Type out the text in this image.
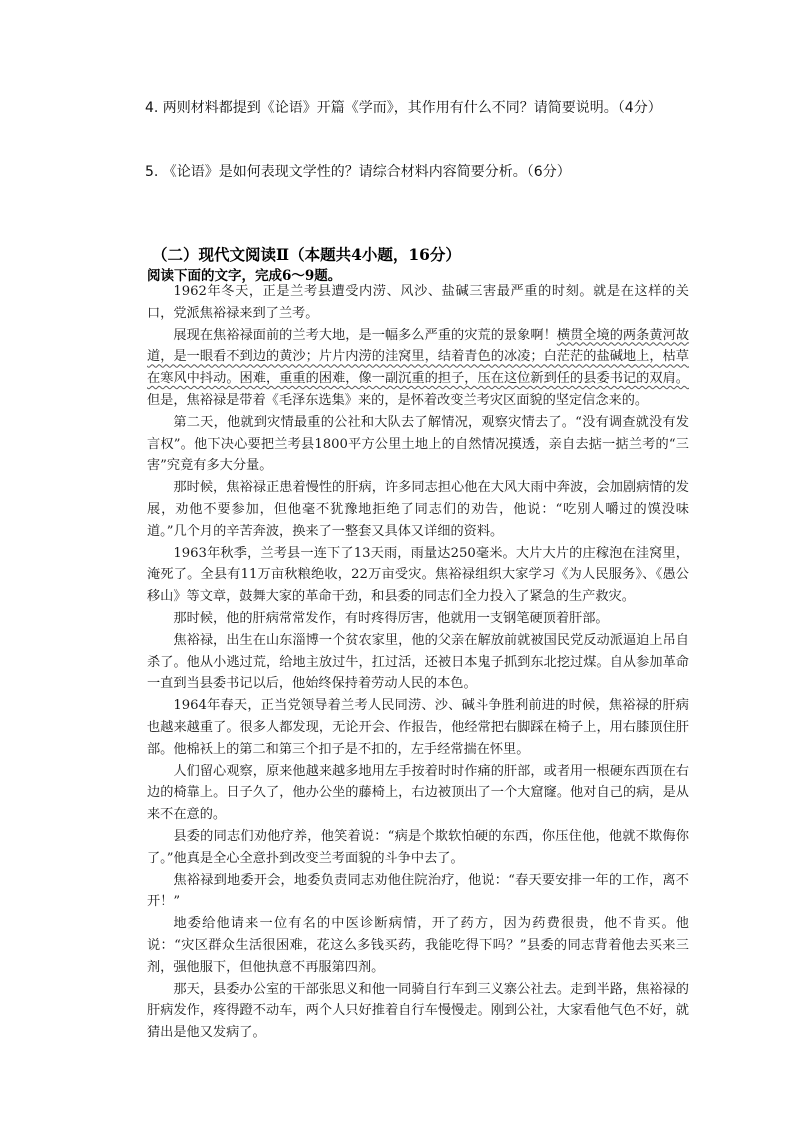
4. 两则材料都提到《论语》开篇《学而》，其作用有什么不同？请简要说明。（4分）
5. 《论语》是如何表现文学性的？请综合材料内容简要分析。（6分）
（二）现代文阅读Ⅱ（本题共4小题，16分）
阅读下面的文字，完成6～9题。

1962年冬天，正是兰考县遭受内涝、风沙、盐碱三害最严重的时刻。就是在这样的关口，党派焦裕禄来到了兰考。

展现在焦裕禄面前的兰考大地，是一幅多么严重的灾荒的景象啊！横贯全境的两条黄河故道，是一眼看不到边的黄沙；片片内涝的洼窝里，结着青色的冰凌；白茫茫的盐碱地上，枯草在寒风中抖动。困难，重重的困难，像一副沉重的担子，压在这位新到任的县委书记的双肩。但是，焦裕禄是带着《毛泽东选集》来的，是怀着改变兰考灾区面貌的坚定信念来的。

第二天，他就到灾情最重的公社和大队去了解情况，观察灾情去了。“没有调查就没有发言权”。他下决心要把兰考县1800平方公里土地上的自然情况摸透，亲自去掂一掂兰考的“三害”究竟有多大分量。

那时候，焦裕禄正患着慢性的肝病，许多同志担心他在大风大雨中奔波，会加剧病情的发展，劝他不要参加，但他毫不犹豫地拒绝了同志们的劝告，他说：“吃别人嚼过的馍没味道。”几个月的辛苦奔波，换来了一整套又具体又详细的资料。

1963年秋季，兰考县一连下了13天雨，雨量达250毫米。大片大片的庄稼泡在洼窝里，淹死了。全县有11万亩秋粮绝收，22万亩受灾。焦裕禄组织大家学习《为人民服务》、《愚公移山》等文章，鼓舞大家的革命干劲，和县委的同志们全力投入了紧急的生产救灾。

那时候，他的肝病常常发作，有时疼得厉害，他就用一支钢笔硬顶着肝部。

焦裕禄，出生在山东淄博一个贫农家里，他的父亲在解放前就被国民党反动派逼迫上吊自杀了。他从小逃过荒，给地主放过牛，扛过活，还被日本鬼子抓到东北挖过煤。自从参加革命一直到当县委书记以后，他始终保持着劳动人民的本色。

1964年春天，正当党领导着兰考人民同涝、沙、碱斗争胜利前进的时候，焦裕禄的肝病也越来越重了。很多人都发现，无论开会、作报告，他经常把右脚踩在椅子上，用右膝顶住肝部。他棉袄上的第二和第三个扣子是不扣的，左手经常揣在怀里。

人们留心观察，原来他越来越多地用左手按着时时作痛的肝部，或者用一根硬东西顶在右边的椅靠上。日子久了，他办公坐的藤椅上，右边被顶出了一个大窟窿。他对自己的病，是从来不在意的。

县委的同志们劝他疗养，他笑着说：“病是个欺软怕硬的东西，你压住他，他就不欺侮你了。”他真是全心全意扑到改变兰考面貌的斗争中去了。

焦裕禄到地委开会，地委负责同志劝他住院治疗，他说：“春天要安排一年的工作，离不开！”

地委给他请来一位有名的中医诊断病情，开了药方，因为药费很贵，他不肯买。他说：“灾区群众生活很困难，花这么多钱买药，我能吃得下吗？”县委的同志背着他去买来三剂，强他服下，但他执意不再服第四剂。

那天，县委办公室的干部张思义和他一同骑自行车到三义寨公社去。走到半路，焦裕禄的肝病发作，疼得蹬不动车，两个人只好推着自行车慢慢走。刚到公社，大家看他气色不好，就猜出是他又发病了。
